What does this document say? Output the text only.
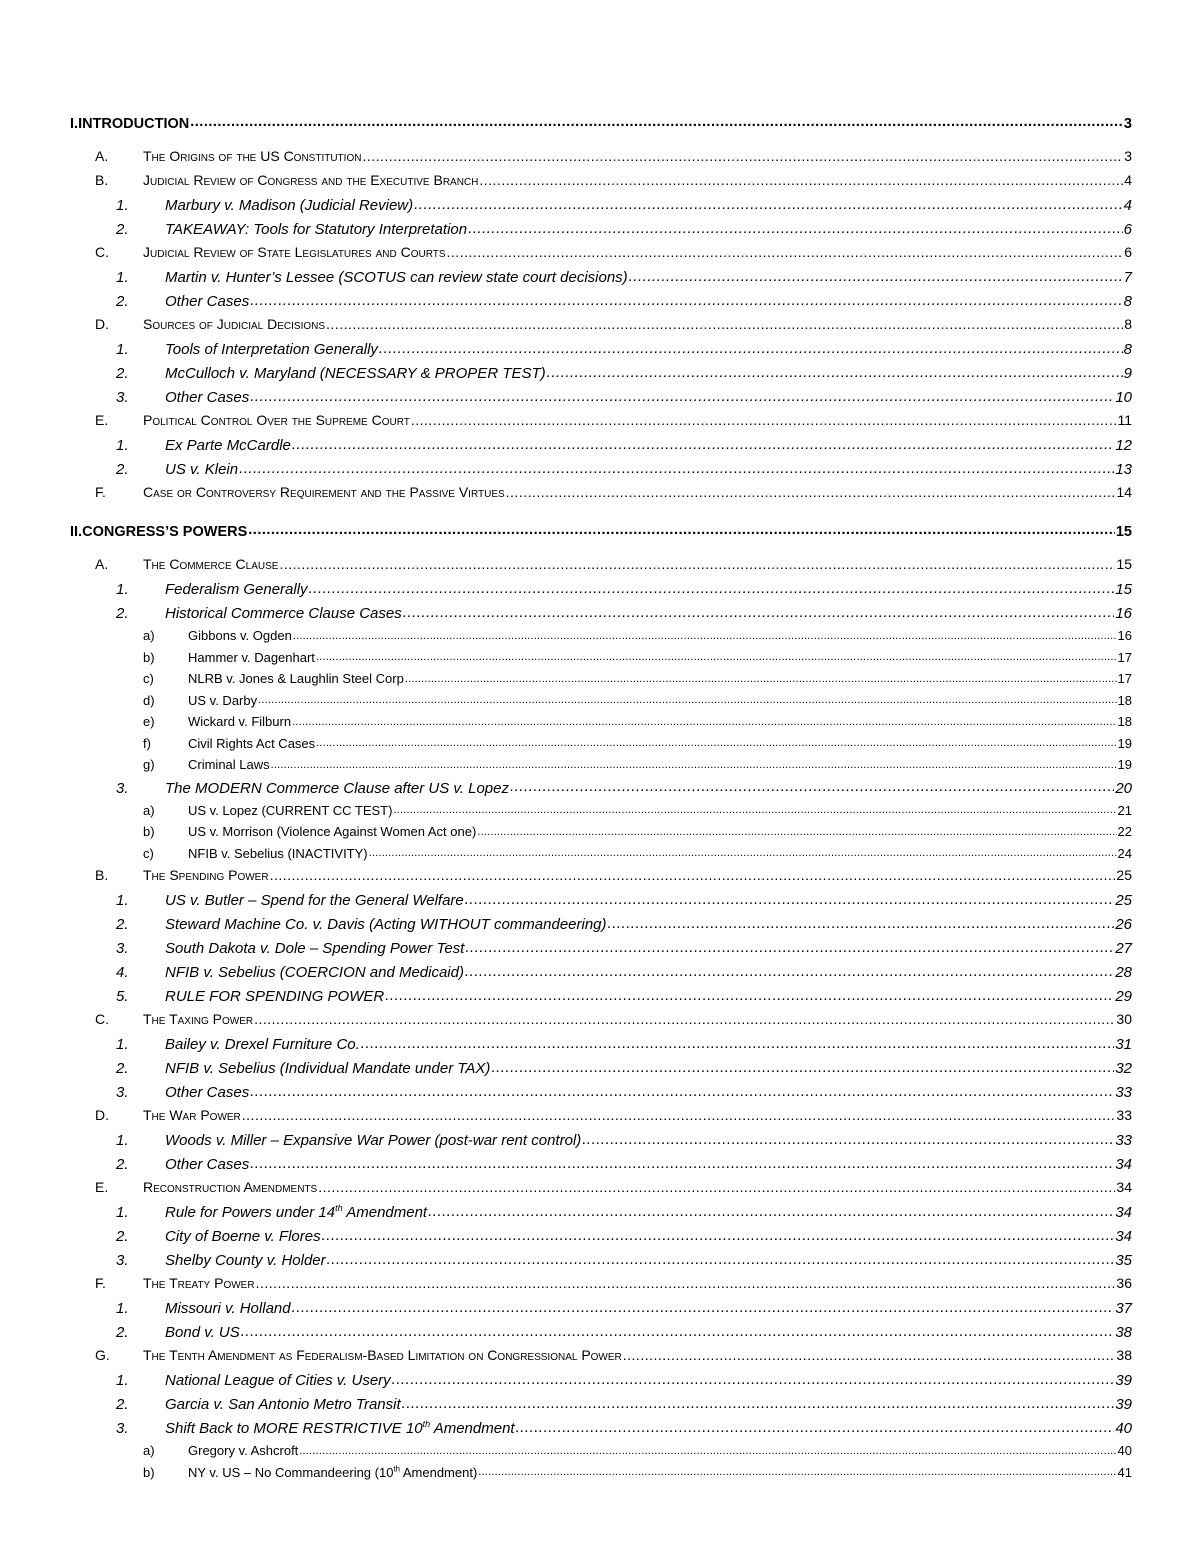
I. INTRODUCTION .....	3
A.	The Origins of the US Constitution .....	3
B.	Judicial Review of Congress and the Executive Branch .....	4
1.	Marbury v. Madison (Judicial Review) .....	4
2.	TAKEAWAY: Tools for Statutory Interpretation .....	6
C.	Judicial Review of State Legislatures and Courts .....	6
1.	Martin v. Hunter’s Lessee (SCOTUS can review state court decisions) .....	7
2.	Other Cases .....	8
D.	Sources of Judicial Decisions .....	8
1.	Tools of Interpretation Generally .....	8
2.	McCulloch v. Maryland (NECESSARY & PROPER TEST) .....	9
3.	Other Cases .....	10
E.	Political Control Over the Supreme Court .....	11
1.	Ex Parte McCardle .....	12
2.	US v. Klein .....	13
F.	Case or Controversy Requirement and the Passive Virtues .....	14
II. CONGRESS’S POWERS .....	15
A.	The Commerce Clause .....	15
1.	Federalism Generally .....	15
2.	Historical Commerce Clause Cases .....	16
a)	Gibbons v. Ogden .....	16
b)	Hammer v. Dagenhart .....	17
c)	NLRB v. Jones & Laughlin Steel Corp .....	17
d)	US v. Darby .....	18
e)	Wickard v. Filburn .....	18
f)	Civil Rights Act Cases .....	19
g)	Criminal Laws .....	19
3.	The MODERN Commerce Clause after US v. Lopez .....	20
a)	US v. Lopez (CURRENT CC TEST) .....	21
b)	US v. Morrison (Violence Against Women Act one) .....	22
c)	NFIB v. Sebelius (INACTIVITY) .....	24
B.	The Spending Power .....	25
1.	US v. Butler – Spend for the General Welfare .....	25
2.	Steward Machine Co. v. Davis (Acting WITHOUT commandeering) .....	26
3.	South Dakota v. Dole – Spending Power Test .....	27
4.	NFIB v. Sebelius (COERCION and Medicaid) .....	28
5.	RULE FOR SPENDING POWER .....	29
C.	The Taxing Power .....	30
1.	Bailey v. Drexel Furniture Co. .....	31
2.	NFIB v. Sebelius (Individual Mandate under TAX) .....	32
3.	Other Cases .....	33
D.	The War Power .....	33
1.	Woods v. Miller – Expansive War Power (post-war rent control) .....	33
2.	Other Cases .....	34
E.	Reconstruction Amendments .....	34
1.	Rule for Powers under 14th Amendment .....	34
2.	City of Boerne v. Flores .....	34
3.	Shelby County v. Holder .....	35
F.	The Treaty Power .....	36
1.	Missouri v. Holland .....	37
2.	Bond v. US .....	38
G.	The Tenth Amendment as Federalism-Based Limitation on Congressional Power .....	38
1.	National League of Cities v. Usery .....	39
2.	Garcia v. San Antonio Metro Transit .....	39
3.	Shift Back to MORE RESTRICTIVE 10th Amendment .....	40
a)	Gregory v. Ashcroft .....	40
b)	NY v. US – No Commandeering (10th Amendment) .....	41
